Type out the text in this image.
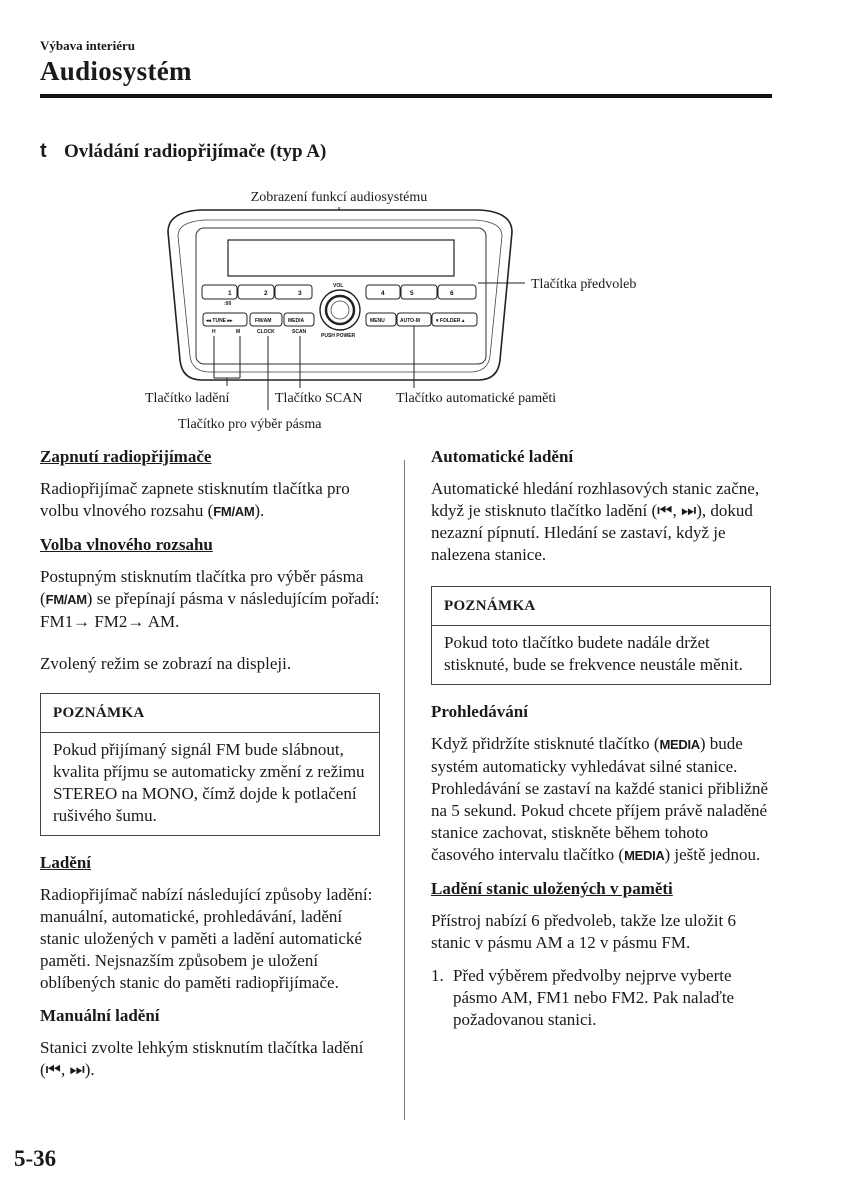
Výbava interiéru
Audiosystém
t Ovládání radiopřijímače (typ A)
Zobrazení funkcí audiosystému
1	2	3
:00
4	5	6
VOL
PUSH POWER
◂◂ TUNE ▸▸	FM/AM	MEDIA
H	M	CLOCK	SCAN
MENU	AUTO-M	▾ FOLDER ▴
Tlačítka předvoleb
Tlačítko ladění
Tlačítko pro výběr pásma
Tlačítko SCAN Tlačítko automatické paměti
Zapnutí radiopřijímače

Radiopřijímač zapnete stisknutím tlačítka pro volbu vlnového rozsahu (FM/AM).

Volba vlnového rozsahu

Postupným stisknutím tlačítka pro výběr pásma (FM/AM) se přepínají pásma v následujícím pořadí: FM1→ FM2→ AM.

Zvolený režim se zobrazí na displeji.

POZNÁMKA
Pokud přijímaný signál FM bude slábnout, kvalita příjmu se automaticky změní z režimu STEREO na MONO, čímž dojde k potlačení rušivého šumu.
Ladění

Radiopřijímač nabízí následující způsoby ladění: manuální, automatické, prohledávání, ladění stanic uložených v paměti a ladění automatické paměti. Nejsnazším způsobem je uložení oblíbených stanic do paměti radiopřijímače.

Manuální ladění

Stanici zvolte lehkým stisknutím tlačítka ladění (⏮, ⏭).

Automatické ladění

Automatické hledání rozhlasových stanic začne, když je stisknuto tlačítko ladění (⏮, ⏭), dokud nezazní pípnutí. Hledání se zastaví, když je nalezena stanice.

POZNÁMKA
Pokud toto tlačítko budete nadále držet stisknuté, bude se frekvence neustále měnit.
Prohledávání

Když přidržíte stisknuté tlačítko (MEDIA) bude systém automaticky vyhledávat silné stanice. Prohledávání se zastaví na každé stanici přibližně na 5 sekund. Pokud chcete příjem právě naladěné stanice zachovat, stiskněte během tohoto časového intervalu tlačítko (MEDIA) ještě jednou.

Ladění stanic uložených v paměti

Přístroj nabízí 6 předvoleb, takže lze uložit 6 stanic v pásmu AM a 12 v pásmu FM.

1. Před výběrem předvolby nejprve vyberte pásmo AM, FM1 nebo FM2. Pak nalaďte požadovanou stanici.
5-36
